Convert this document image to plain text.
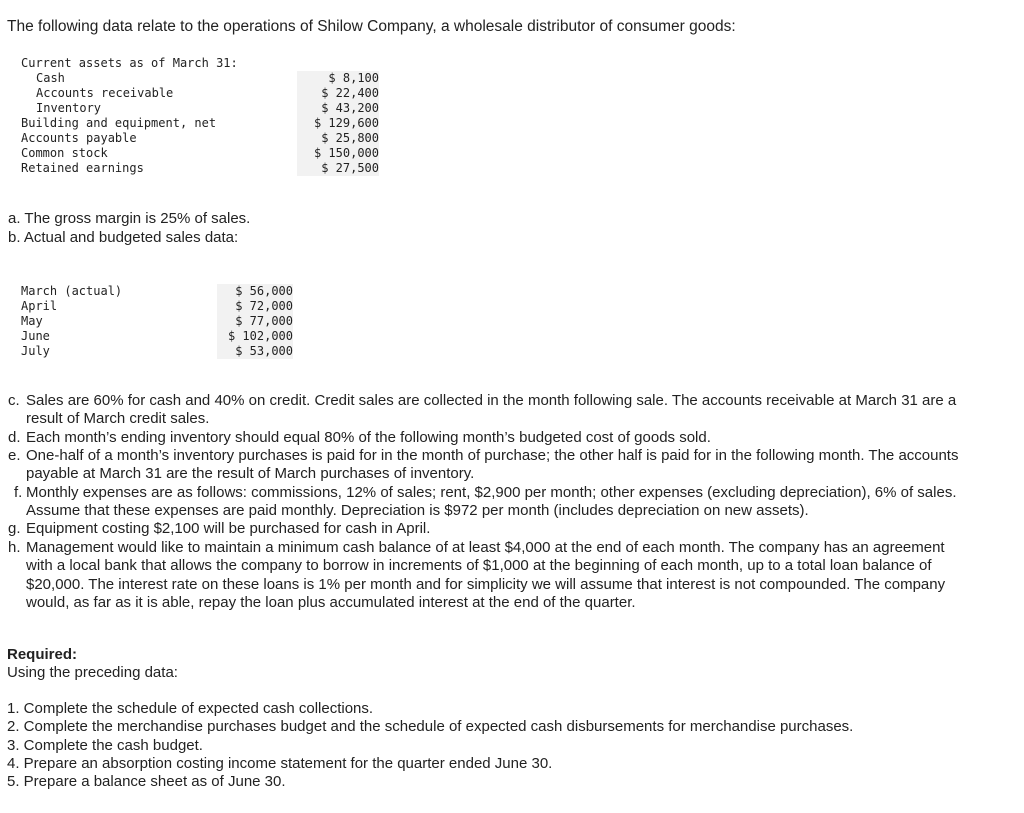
The following data relate to the operations of Shilow Company, a wholesale distributor of consumer goods:
Current assets as of March 31:
Cash	$ 8,100
Accounts receivable	$ 22,400
Inventory	$ 43,200
Building and equipment, net	$ 129,600
Accounts payable	$ 25,800
Common stock	$ 150,000
Retained earnings	$ 27,500
a. The gross margin is 25% of sales.
b. Actual and budgeted sales data:
March (actual)	$ 56,000
April	$ 72,000
May	$ 77,000
June	$ 102,000
July	$ 53,000
c. Sales are 60% for cash and 40% on credit. Credit sales are collected in the month following sale. The accounts receivable at March 31 are a result of March credit sales.
d. Each month’s ending inventory should equal 80% of the following month’s budgeted cost of goods sold.
e. One-half of a month’s inventory purchases is paid for in the month of purchase; the other half is paid for in the following month. The accounts payable at March 31 are the result of March purchases of inventory.
f. Monthly expenses are as follows: commissions, 12% of sales; rent, $2,900 per month; other expenses (excluding depreciation), 6% of sales. Assume that these expenses are paid monthly. Depreciation is $972 per month (includes depreciation on new assets).
g. Equipment costing $2,100 will be purchased for cash in April.
h. Management would like to maintain a minimum cash balance of at least $4,000 at the end of each month. The company has an agreement with a local bank that allows the company to borrow in increments of $1,000 at the beginning of each month, up to a total loan balance of $20,000. The interest rate on these loans is 1% per month and for simplicity we will assume that interest is not compounded. The company would, as far as it is able, repay the loan plus accumulated interest at the end of the quarter.
Required:
Using the preceding data:
1. Complete the schedule of expected cash collections.
2. Complete the merchandise purchases budget and the schedule of expected cash disbursements for merchandise purchases.
3. Complete the cash budget.
4. Prepare an absorption costing income statement for the quarter ended June 30.
5. Prepare a balance sheet as of June 30.
